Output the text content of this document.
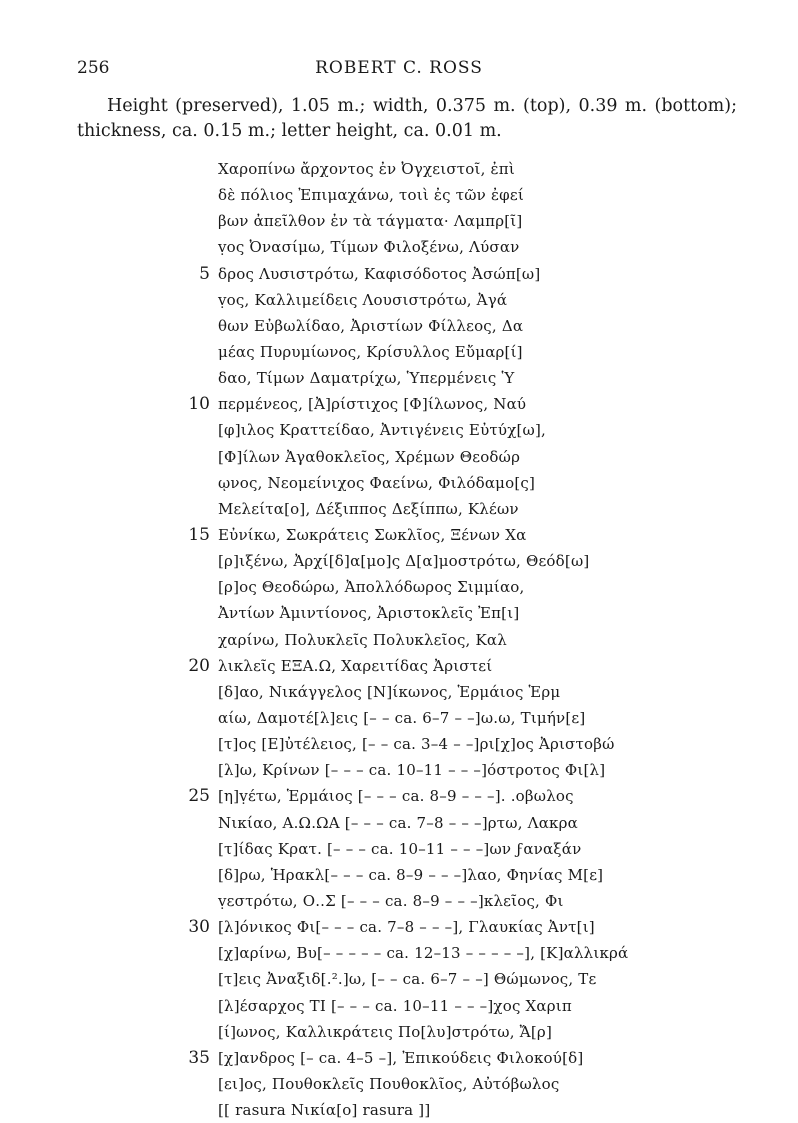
256	ROBERT C. ROSS
Height (preserved), 1.05 m.; width, 0.375 m. (top), 0.39 m. (bottom); thickness, ca. 0.15 m.; letter height, ca. 0.01 m.
Χαροπίνω ἄρχοντος ἐν Ὀγχειστοῖ, ἐπὶ
δὲ πόλιος Ἐπιμαχάνω, τοιὶ ἐς τῶν ἐφεί
βων ἀπεῖλθον ἐν τὰ τάγματα· Λαμπρ[ῖ]
ṿος Ὀνασίμω, Τίμων Φιλοξένω, Λύσαν
5 δρος Λυσιστρότω, Καφισόδοτος Ἀσώπ[ω]
ṿος, Καλλιμείδεις Λουσιστρότω, Ἀγά
θων Εὐβωλίδαο, Ἀριστίων Φίλλεος, Δα
μέας Πυρυμίωνος, Κρίσυλλος Εὔμαρ[ί]
δαο, Τίμων Δαματρίχω, Ὑπερμένεις Ὑ
10 περμένεος, [Ἀ]ρίστιχος [Φ]ίλωνος, Ναύ
[φ]ιλος Κραττείδαο, Ἀντιγένεις Εὐτύχ[ω],
[Φ]ίλων Ἀγαθοκλεῖος, Χρέμων Θεοδώρ
ῳνος, Νεομείνιχος Φαείνω, Φιλόδαμο[ς]
Μελείτα[ο], Δέξιππος Δεξίππω, Κλέων
15 Εὐνίκω, Σωκράτεις Σωκλῖος, Ξένων Χα
[ρ]ιξένω, Ἀρχί[δ]α[μο]ς Δ[α]μοστρότω, Θεόδ[ω]
[ρ]ος Θεοδώρω, Ἀπολλόδωρος Σιμμίαο,
Ἀντίων Ἀμιντίονος, Ἀριστοκλεῖς Ἐπ[ι]
χαρίνω, Πολυκλεῖς Πολυκλεῖος, Καλ
20 λικλεῖς ΕΞΑ.Ω, Χαρειτίδας Ἀριστεί
[δ]αο, Νικάγγελος [Ν]ίκωνος, Ἑρμάιος Ἑρμ
αίω, Δαμοτέ[λ]εις [– – ca. 6–7 – –]ω.ω, Τιμήν[ε]
[τ]ος [Ε]ὐτέλειος, [– – ca. 3–4 – –]ρι[χ]ος Ἀριστοβώ
[λ]ω, Κρίνων [– – – ca. 10–11 – – –]όστροτος Φι[λ]
25 [η]ṿέτω, Ἑρμάιος [– – – ca. 8–9 – – –]. .οβωλος
Νικίαο, Α.Ω.ΩΑ [– – – ca. 7–8 – – –]ρτω, Λακρα
[τ]ίδας Κρατ. [– – – ca. 10–11 – – –]ων ϝαναξάν
[δ]ρω, Ἡρακλ[– – – ca. 8–9 – – –]λαο, Φηνίας Μ[ε]
ṿεστρότω, Ο..Σ [– – – ca. 8–9 – – –]κλεῖος, Φι
30 [λ]όνικος Φι[– – – ca. 7–8 – – –], Γλαυκίας Ἀντ[ι]
[χ]αρίνω, Βυ[– – – – – ca. 12–13 – – – – –], [Κ]αλλικρά
[τ]εις Ἀναξιδ[.².]ω, [– – ca. 6–7 – –] Θώμωνος, Τε
[λ]έσαρχος ΤΙ [– – – ca. 10–11 – – –]χος Χαριπ
[ί]ωνος, Καλλικράτεις Πο[λυ]στρότω, Ἄ[ρ]
35 [χ]ανδρος [– ca. 4–5 –], Ἐπικούδεις Φιλοκού[δ]
[ει]ος, Πουθοκλεῖς Πουθοκλῖος, Αὐτόβωλος
[[ rasura Νικία[ο] rasura ]]
